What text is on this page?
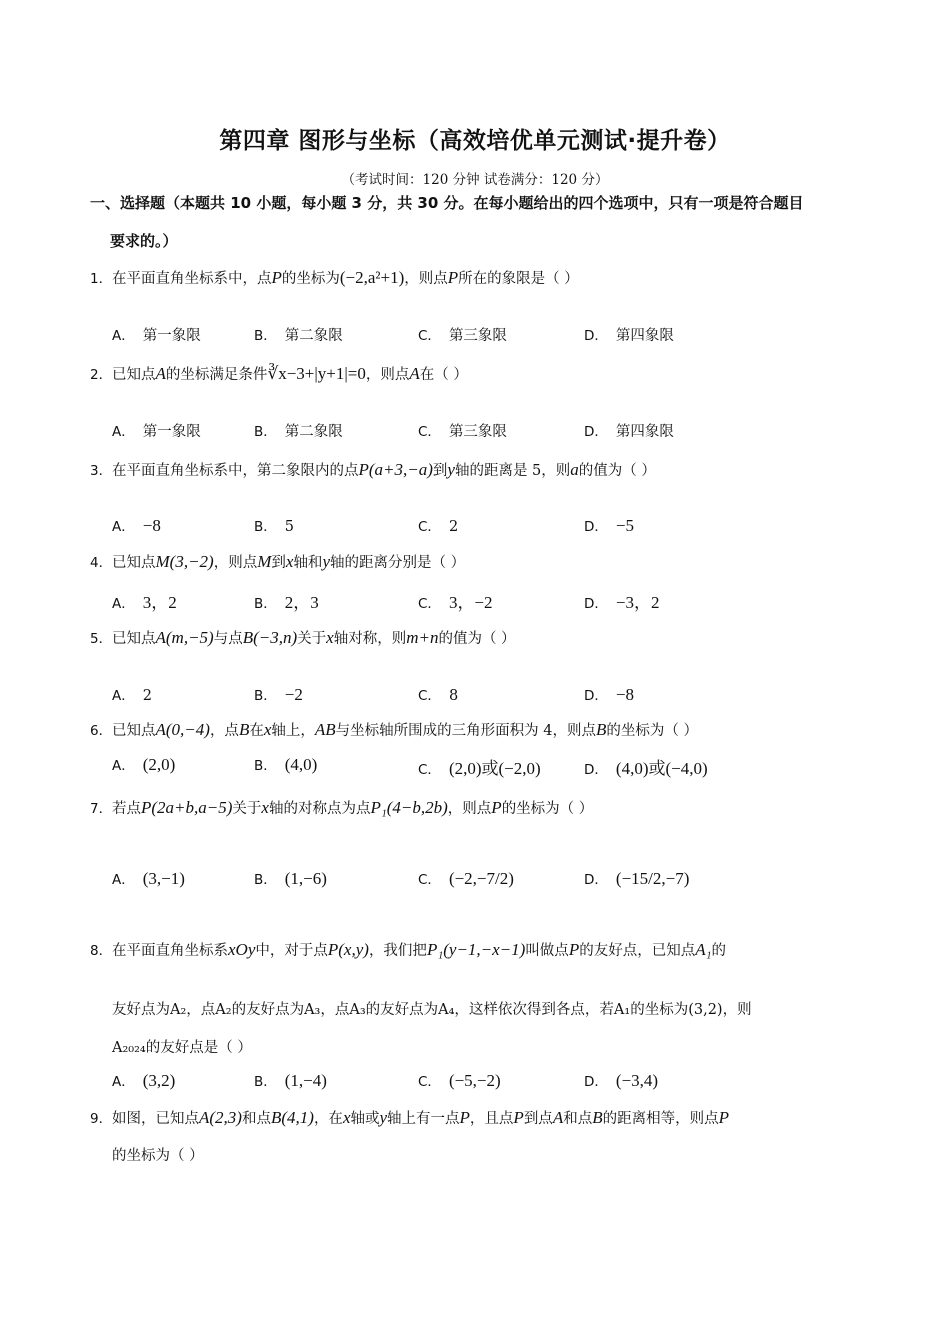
第四章 图形与坐标（高效培优单元测试·提升卷）
（考试时间：120 分钟 试卷满分：120 分）
一、选择题（本题共 10 小题，每小题 3 分，共 30 分。在每小题给出的四个选项中，只有一项是符合题目
要求的。）
1．在平面直角坐标系中，点P的坐标为(−2,a²+1)，则点P所在的象限是（ ）
A． 第一象限	B． 第二象限	C． 第三象限	D． 第四象限
2．已知点A的坐标满足条件∛x−3+|y+1|=0，则点A在（ ）
A． 第一象限	B． 第二象限	C． 第三象限	D． 第四象限
3．在平面直角坐标系中，第二象限内的点P(a+3,−a)到y轴的距离是 5，则a的值为（ ）
A． −8	B． 5	C． 2	D． −5
4．已知点M(3,−2)，则点M到x轴和y轴的距离分别是（ ）
A． 3，2	B． 2，3	C． 3，−2	D． −3，2
5．已知点A(m,−5)与点B(−3,n)关于x轴对称，则m+n的值为（ ）
A． 2	B． −2	C． 8	D． −8
6．已知点A(0,−4)，点B在x轴上，AB与坐标轴所围成的三角形面积为 4，则点B的坐标为（ ）
A． (2,0)	B． (4,0)	C． (2,0)或(−2,0)	D． (4,0)或(−4,0)
7．若点P(2a+b,a−5)关于x轴的对称点为点P₁(4−b,2b)，则点P的坐标为（ ）
A． (3,−1)	B． (1,−6)	C． (−2,−7/2)	D． (−15/2,−7)
8．在平面直角坐标系xOy中，对于点P(x,y)，我们把P₁(y−1,−x−1)叫做点P的友好点，已知点A₁的
友好点为A₂，点A₂的友好点为A₃，点A₃的友好点为A₄，这样依次得到各点，若A₁的坐标为(3,2)，则
A₂₀₂₄的友好点是（ ）
A． (3,2)	B． (1,−4)	C． (−5,−2)	D． (−3,4)
9．如图，已知点A(2,3)和点B(4,1)，在x轴或y轴上有一点P，且点P到点A和点B的距离相等，则点P
的坐标为（ ）
